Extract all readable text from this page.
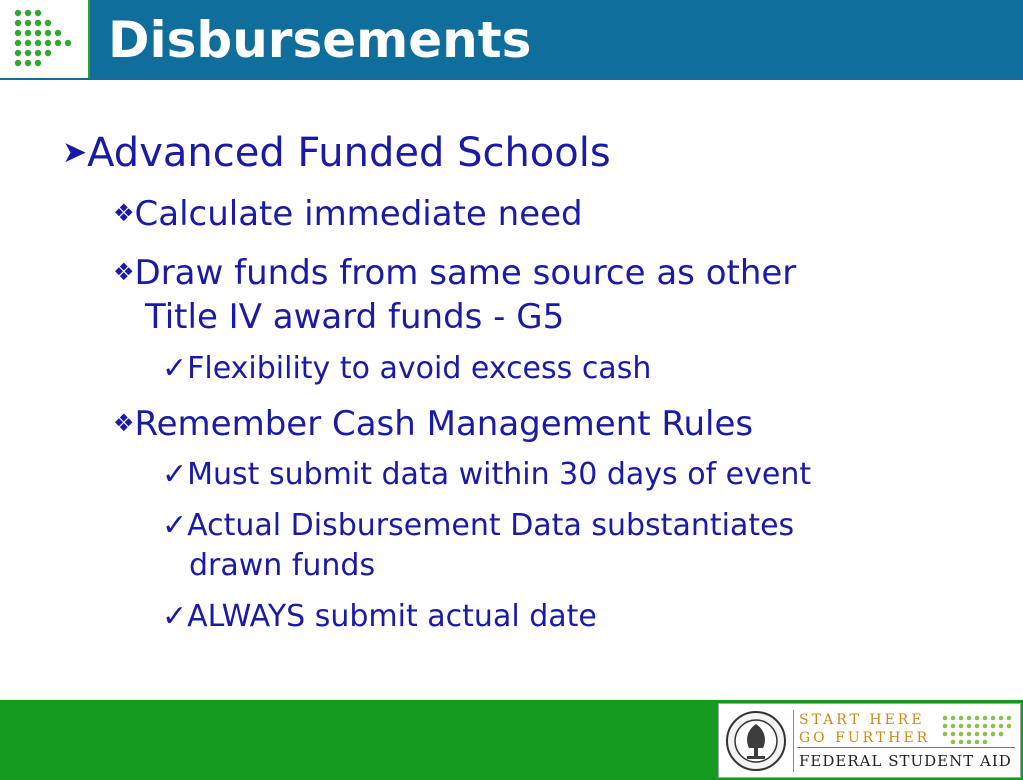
Disbursements
➤Advanced Funded Schools
❖Calculate immediate need
❖Draw funds from same source as other
Title IV award funds - G5
✓Flexibility to avoid excess cash
❖Remember Cash Management Rules
✓Must submit data within 30 days of event
✓Actual Disbursement Data substantiates
drawn funds
✓ALWAYS submit actual date
START HERE
GO FURTHER
FEDERAL STUDENT AID
